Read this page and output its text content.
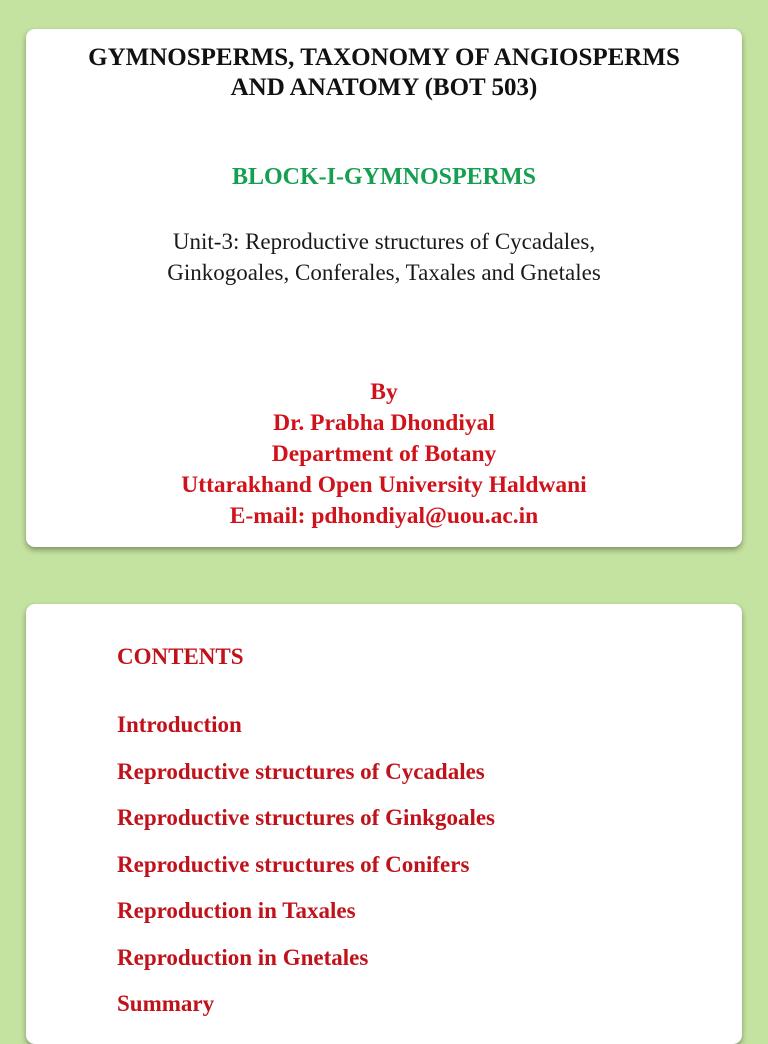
GYMNOSPERMS, TAXONOMY OF ANGIOSPERMS
AND ANATOMY (BOT 503)
BLOCK-I-GYMNOSPERMS
Unit-3: Reproductive structures of Cycadales,
Ginkogoales, Conferales, Taxales and Gnetales
By
Dr. Prabha Dhondiyal
Department of Botany
Uttarakhand Open University Haldwani
E-mail: pdhondiyal@uou.ac.in
CONTENTS
Introduction
Reproductive structures of Cycadales
Reproductive structures of Ginkgoales
Reproductive structures of Conifers
Reproduction in Taxales
Reproduction in Gnetales
Summary
